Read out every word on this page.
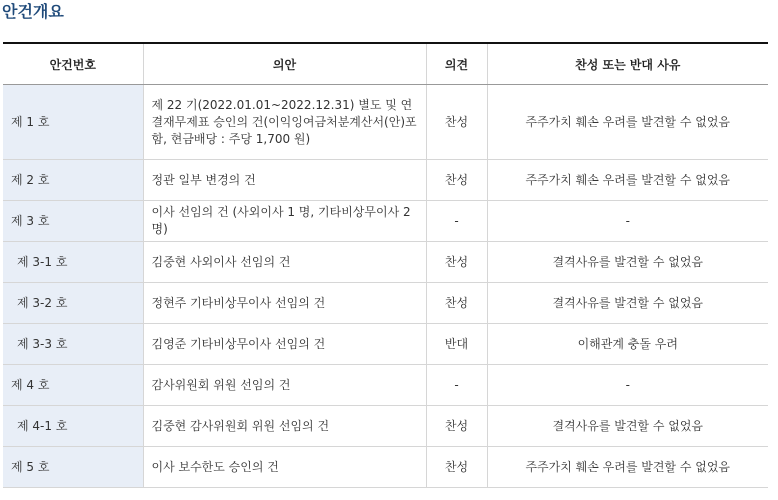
안건개요
안건번호	의안	의견	찬성 또는 반대 사유
제 1 호	제 22 기(2022.01.01~2022.12.31) 별도 및 연결재무제표 승인의 건(이익잉여금처분계산서(안)포함, 현금배당 : 주당 1,700 원)	찬성	주주가치 훼손 우려를 발견할 수 없었음
제 2 호	정관 일부 변경의 건	찬성	주주가치 훼손 우려를 발견할 수 없었음
제 3 호	이사 선임의 건 (사외이사 1 명, 기타비상무이사 2 명)	-	-
제 3-1 호	김중현 사외이사 선임의 건	찬성	결격사유를 발견할 수 없었음
제 3-2 호	정현주 기타비상무이사 선임의 건	찬성	결격사유를 발견할 수 없었음
제 3-3 호	김영준 기타비상무이사 선임의 건	반대	이해관계 충돌 우려
제 4 호	감사위원회 위원 선임의 건	-	-
제 4-1 호	김중현 감사위원회 위원 선임의 건	찬성	결격사유를 발견할 수 없었음
제 5 호	이사 보수한도 승인의 건	찬성	주주가치 훼손 우려를 발견할 수 없었음
